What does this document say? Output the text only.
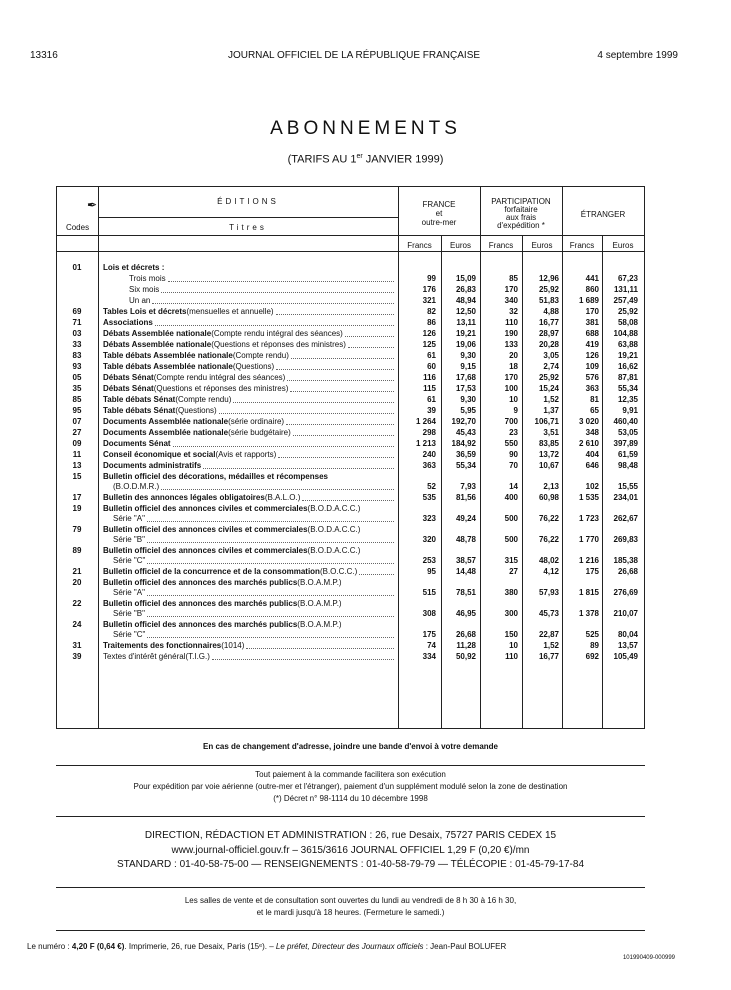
13316	JOURNAL OFFICIEL DE LA RÉPUBLIQUE FRANÇAISE	4 septembre 1999
ABONNEMENTS
(TARIFS AU 1er JANVIER 1999)
✒	ÉDITIONS
Codes	Titres
FRANCE
et
outre-mer
PARTICIPATION
forfaitaire
aux frais
d'expédition *
ÉTRANGER
Francs	Euros	Francs	Euros	Francs	Euros
01	Lois et décrets :
Trois mois	99	15,09	85	12,96	441	67,23
Six mois	176	26,83	170	25,92	860	131,11
Un an	321	48,94	340	51,83	1 689	257,49
69	Tables Lois et décrets (mensuelles et annuelle)	82	12,50	32	4,88	170	25,92
71	Associations	86	13,11	110	16,77	381	58,08
03	Débats Assemblée nationale (Compte rendu intégral des séances)	126	19,21	190	28,97	688	104,88
33	Débats Assemblée nationale (Questions et réponses des ministres)	125	19,06	133	20,28	419	63,88
83	Table débats Assemblée nationale (Compte rendu)	61	9,30	20	3,05	126	19,21
93	Table débats Assemblée nationale (Questions)	60	9,15	18	2,74	109	16,62
05	Débats Sénat (Compte rendu intégral des séances)	116	17,68	170	25,92	576	87,81
35	Débats Sénat (Questions et réponses des ministres)	115	17,53	100	15,24	363	55,34
85	Table débats Sénat (Compte rendu)	61	9,30	10	1,52	81	12,35
95	Table débats Sénat (Questions)	39	5,95	9	1,37	65	9,91
07	Documents Assemblée nationale (série ordinaire)	1 264	192,70	700	106,71	3 020	460,40
27	Documents Assemblée nationale (série budgétaire)	298	45,43	23	3,51	348	53,05
09	Documents Sénat	1 213	184,92	550	83,85	2 610	397,89
11	Conseil économique et social (Avis et rapports)	240	36,59	90	13,72	404	61,59
13	Documents administratifs	363	55,34	70	10,67	646	98,48
15	Bulletin officiel des décorations, médailles et récompenses
(B.O.D.M.R.)	52	7,93	14	2,13	102	15,55
17	Bulletin des annonces légales obligatoires (B.A.L.O.)	535	81,56	400	60,98	1 535	234,01
19	Bulletin officiel des annonces civiles et commerciales (B.O.D.A.C.C.)
Série "A"	323	49,24	500	76,22	1 723	262,67
79	Bulletin officiel des annonces civiles et commerciales (B.O.D.A.C.C.)
Série "B"	320	48,78	500	76,22	1 770	269,83
89	Bulletin officiel des annonces civiles et commerciales (B.O.D.A.C.C.)
Série "C"	253	38,57	315	48,02	1 216	185,38
21	Bulletin officiel de la concurrence et de la consommation (B.O.C.C.)	95	14,48	27	4,12	175	26,68
20	Bulletin officiel des annonces des marchés publics (B.O.A.M.P.)
Série "A"	515	78,51	380	57,93	1 815	276,69
22	Bulletin officiel des annonces des marchés publics (B.O.A.M.P.)
Série "B"	308	46,95	300	45,73	1 378	210,07
24	Bulletin officiel des annonces des marchés publics (B.O.A.M.P.)
Série "C"	175	26,68	150	22,87	525	80,04
31	Traitements des fonctionnaires (1014)	74	11,28	10	1,52	89	13,57
39	Textes d'intérêt général (T.I.G.)	334	50,92	110	16,77	692	105,49
En cas de changement d'adresse, joindre une bande d'envoi à votre demande
Tout paiement à la commande facilitera son exécution
Pour expédition par voie aérienne (outre-mer et l'étranger), paiement d'un supplément modulé selon la zone de destination
(*) Décret n° 98-1114 du 10 décembre 1998
DIRECTION, RÉDACTION ET ADMINISTRATION : 26, rue Desaix, 75727 PARIS CEDEX 15
www.journal-officiel.gouv.fr – 3615/3616 JOURNAL OFFICIEL 1,29 F (0,20 €)/mn
STANDARD : 01-40-58-75-00 — RENSEIGNEMENTS : 01-40-58-79-79 — TÉLÉCOPIE : 01-45-79-17-84
Les salles de vente et de consultation sont ouvertes du lundi au vendredi de 8 h 30 à 16 h 30,
et le mardi jusqu'à 18 heures. (Fermeture le samedi.)
Le numéro : 4,20 F (0,64 €). Imprimerie, 26, rue Desaix, Paris (15ᵉ). – Le préfet, Directeur des Journaux officiels : Jean-Paul BOLUFER
101990409-000999
